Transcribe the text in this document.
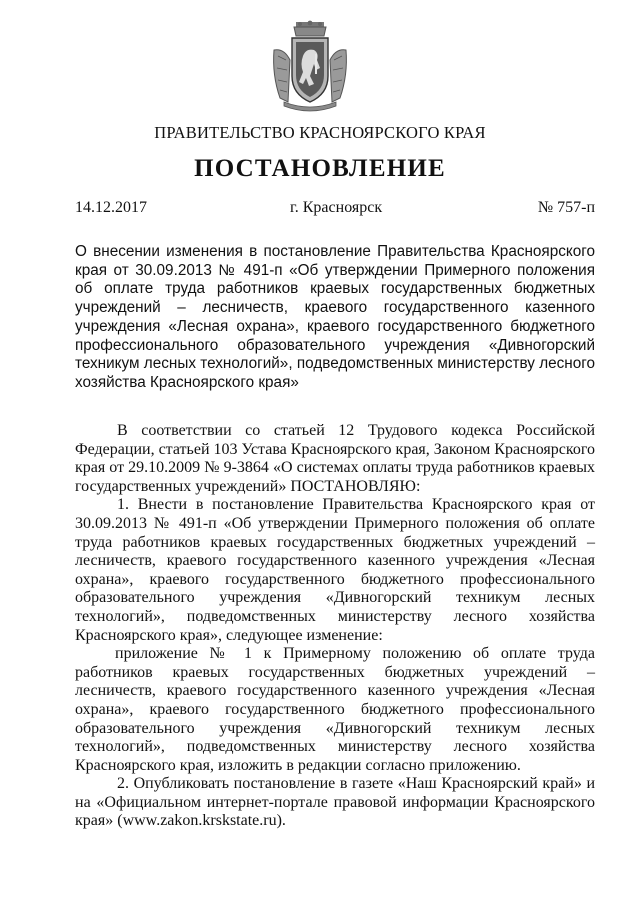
ПРАВИТЕЛЬСТВО КРАСНОЯРСКОГО КРАЯ
ПОСТАНОВЛЕНИЕ
14.12.2017	г. Красноярск	№ 757-п
О внесении изменения в постановление Правительства Красноярского края от 30.09.2013 № 491-п «Об утверждении Примерного положения об оплате труда работников краевых государственных бюджетных учреждений – лесничеств, краевого государственного казенного учреждения «Лесная охрана», краевого государственного бюджетного профессионального образовательного учреждения «Дивногорский техникум лесных технологий», подведомственных министерству лесного хозяйства Красноярского края»

В соответствии со статьей 12 Трудового кодекса Российской Федерации, статьей 103 Устава Красноярского края, Законом Красноярского края от 29.10.2009 № 9-3864 «О системах оплаты труда работников краевых государственных учреждений» ПОСТАНОВЛЯЮ:

1. Внести в постановление Правительства Красноярского края от 30.09.2013 № 491-п «Об утверждении Примерного положения об оплате труда работников краевых государственных бюджетных учреждений – лесничеств, краевого государственного казенного учреждения «Лесная охрана», краевого государственного бюджетного профессионального образовательного учреждения «Дивногорский техникум лесных технологий», подведомственных министерству лесного хозяйства Красноярского края», следующее изменение:

приложение № 1 к Примерному положению об оплате труда работников краевых государственных бюджетных учреждений – лесничеств, краевого государственного казенного учреждения «Лесная охрана», краевого государственного бюджетного профессионального образовательного учреждения «Дивногорский техникум лесных технологий», подведомственных министерству лесного хозяйства Красноярского края, изложить в редакции согласно приложению.

2. Опубликовать постановление в газете «Наш Красноярский край» и на «Официальном интернет-портале правовой информации Красноярского края» (www.zakon.krskstate.ru).
